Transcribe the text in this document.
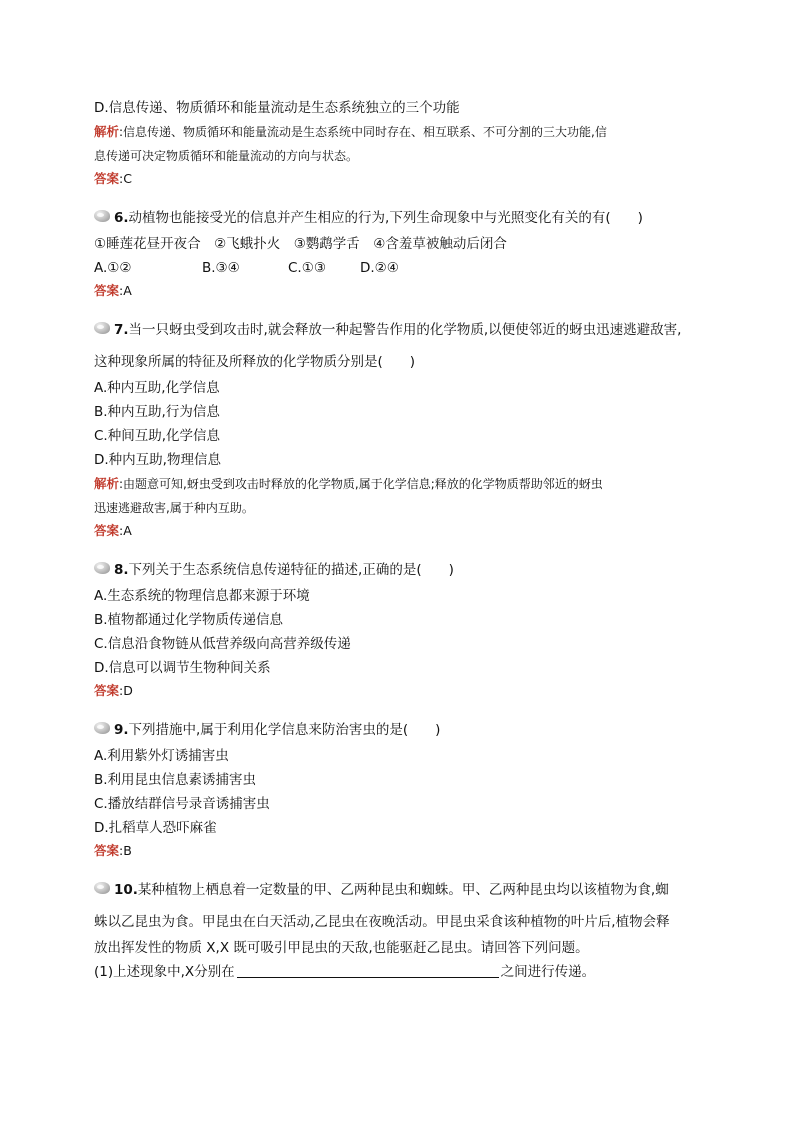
D.信息传递、物质循环和能量流动是生态系统独立的三个功能
解析:信息传递、物质循环和能量流动是生态系统中同时存在、相互联系、不可分割的三大功能,信
息传递可决定物质循环和能量流动的方向与状态。
答案:C
6.动植物也能接受光的信息并产生相应的行为,下列生命现象中与光照变化有关的有(　　)
①睡莲花昼开夜合　②飞蛾扑火　③鹦鹉学舌　④含羞草被触动后闭合
A.①②	B.③④	C.①③	D.②④
答案:A
7.当一只蚜虫受到攻击时,就会释放一种起警告作用的化学物质,以便使邻近的蚜虫迅速逃避敌害,
这种现象所属的特征及所释放的化学物质分别是(　　)
A.种内互助,化学信息
B.种内互助,行为信息
C.种间互助,化学信息
D.种内互助,物理信息
解析:由题意可知,蚜虫受到攻击时释放的化学物质,属于化学信息;释放的化学物质帮助邻近的蚜虫
迅速逃避敌害,属于种内互助。
答案:A
8.下列关于生态系统信息传递特征的描述,正确的是(　　)
A.生态系统的物理信息都来源于环境
B.植物都通过化学物质传递信息
C.信息沿食物链从低营养级向高营养级传递
D.信息可以调节生物种间关系
答案:D
9.下列措施中,属于利用化学信息来防治害虫的是(　　)
A.利用紫外灯诱捕害虫
B.利用昆虫信息素诱捕害虫
C.播放结群信号录音诱捕害虫
D.扎稻草人恐吓麻雀
答案:B
10.某种植物上栖息着一定数量的甲、乙两种昆虫和蜘蛛。甲、乙两种昆虫均以该植物为食,蜘
蛛以乙昆虫为食。甲昆虫在白天活动,乙昆虫在夜晚活动。甲昆虫采食该种植物的叶片后,植物会释
放出挥发性的物质 X,X 既可吸引甲昆虫的天敌,也能驱赶乙昆虫。请回答下列问题。
(1)上述现象中,X分别在	之间进行传递。
